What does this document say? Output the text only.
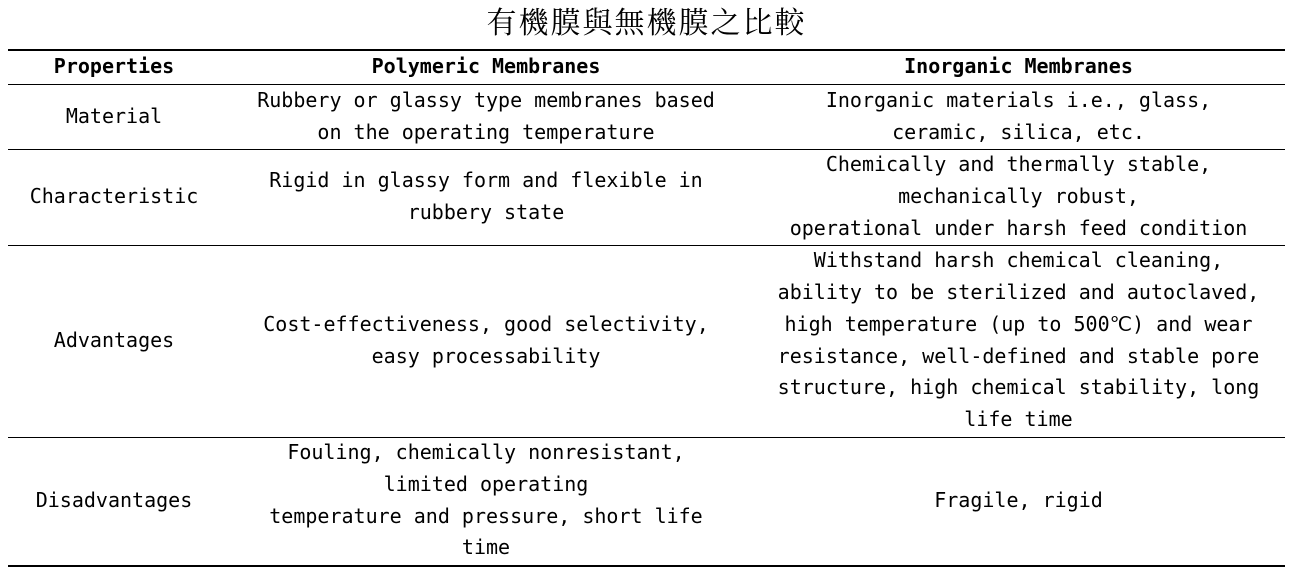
有機膜與無機膜之比較
Properties	Polymeric Membranes	Inorganic Membranes
Material
Rubbery or glassy type membranes based
on the operating temperature
Inorganic materials i.e., glass,
ceramic, silica, etc.
Characteristic
Rigid in glassy form and flexible in
rubbery state
Chemically and thermally stable,
mechanically robust,
operational under harsh feed condition
Advantages
Cost-effectiveness, good selectivity,
easy processability
Withstand harsh chemical cleaning,
ability to be sterilized and autoclaved,
high temperature (up to 500℃) and wear
resistance, well-defined and stable pore
structure, high chemical stability, long
life time
Disadvantages
Fouling, chemically nonresistant,
limited operating
temperature and pressure, short life
time
Fragile, rigid
